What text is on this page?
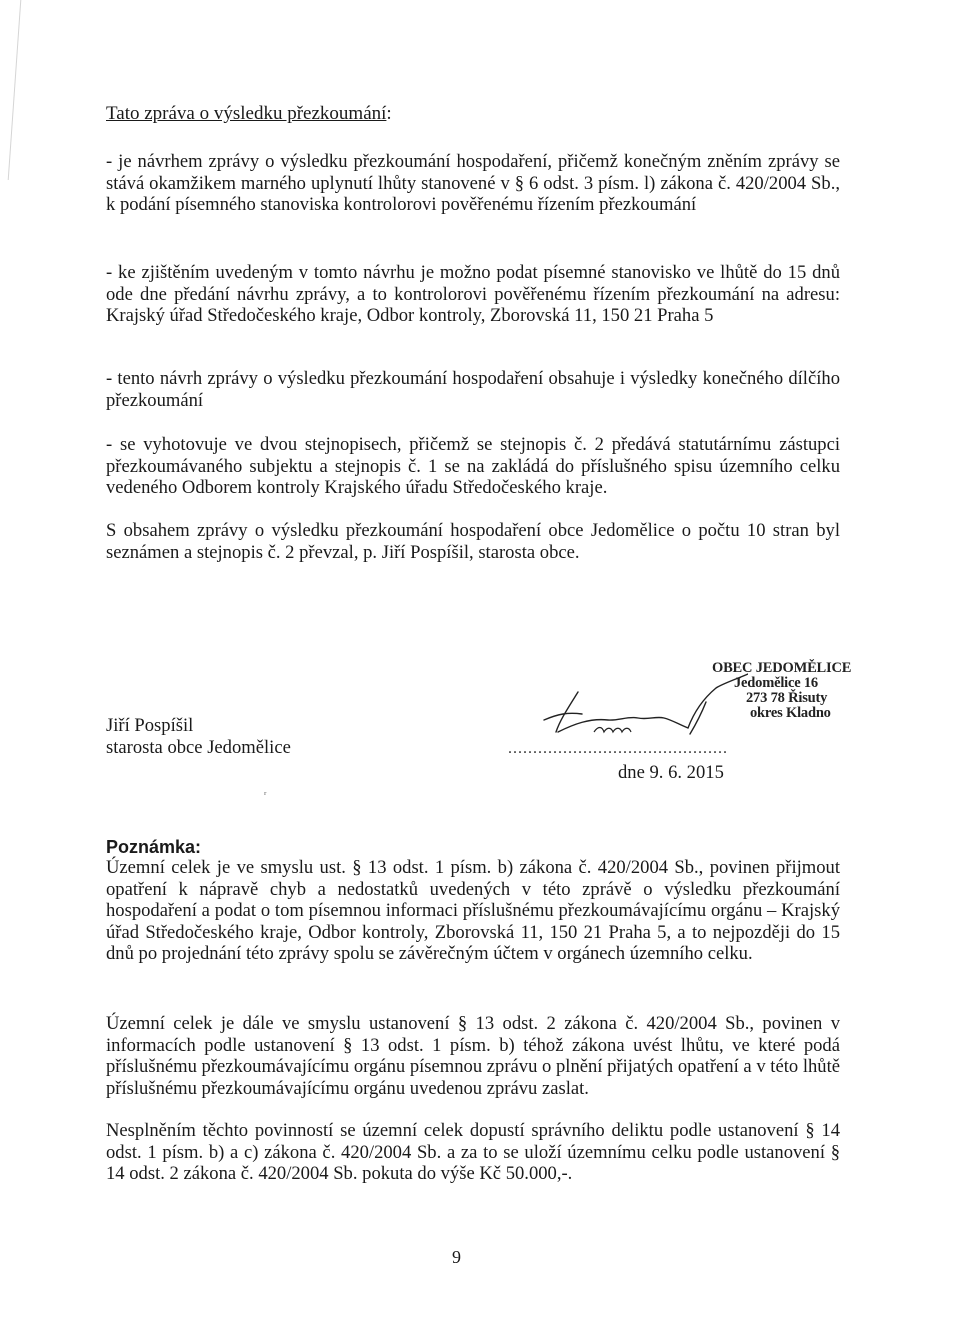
Tato zpráva o výsledku přezkoumání:
- je návrhem zprávy o výsledku přezkoumání hospodaření, přičemž konečným zněním zprávy se stává okamžikem marného uplynutí lhůty stanovené v § 6 odst. 3 písm. l) zákona č. 420/2004 Sb., k podání písemného stanoviska kontrolorovi pověřenému řízením přezkoumání
- ke zjištěním uvedeným v tomto návrhu je možno podat písemné stanovisko ve lhůtě do 15 dnů ode dne předání návrhu zprávy, a to kontrolorovi pověřenému řízením přezkoumání na adresu: Krajský úřad Středočeského kraje, Odbor kontroly, Zborovská 11, 150 21 Praha 5
- tento návrh zprávy o výsledku přezkoumání hospodaření obsahuje i výsledky konečného dílčího přezkoumání
- se vyhotovuje ve dvou stejnopisech, přičemž se stejnopis č. 2 předává statutárnímu zástupci přezkoumávaného subjektu a stejnopis č. 1 se na zakládá do příslušného spisu územního celku vedeného Odborem kontroly Krajského úřadu Středočeského kraje.
S obsahem zprávy o výsledku přezkoumání hospodaření obce Jedomělice o počtu 10 stran byl seznámen a stejnopis č. 2 převzal, p. Jiří Pospíšil, starosta obce.
Jiří Pospíšil
starosta obce Jedomělice
OBEC JEDOMĚLICE
Jedomělice 16
273 78 Řisuty
okres Kladno
............................................
dne 9. 6. 2015
ʳ
Poznámka:
Územní celek je ve smyslu ust. § 13 odst. 1 písm. b) zákona č. 420/2004 Sb., povinen přijmout opatření k nápravě chyb a nedostatků uvedených v této zprávě o výsledku přezkoumání hospodaření a podat o tom písemnou informaci příslušnému přezkoumávajícímu orgánu – Krajský úřad Středočeského kraje, Odbor kontroly, Zborovská 11, 150 21 Praha 5, a to nejpozději do 15 dnů po projednání této zprávy spolu se závěrečným účtem v orgánech územního celku.
Územní celek je dále ve smyslu ustanovení § 13 odst. 2 zákona č. 420/2004 Sb., povinen v informacích podle ustanovení § 13 odst. 1 písm. b) téhož zákona uvést lhůtu, ve které podá příslušnému přezkoumávajícímu orgánu písemnou zprávu o plnění přijatých opatření a v této lhůtě příslušnému přezkoumávajícímu orgánu uvedenou zprávu zaslat.
Nesplněním těchto povinností se územní celek dopustí správního deliktu podle ustanovení § 14 odst. 1 písm. b) a c) zákona č. 420/2004 Sb. a za to se uloží územnímu celku podle ustanovení § 14 odst. 2 zákona č. 420/2004 Sb. pokuta do výše Kč 50.000,-.
9
